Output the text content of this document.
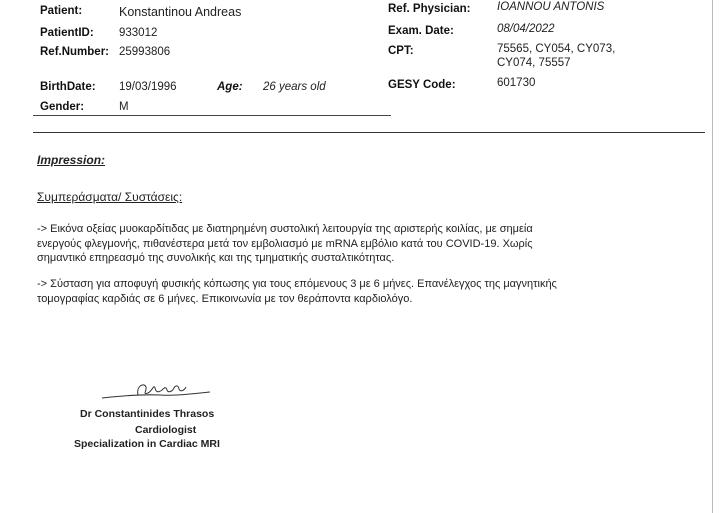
Patient:	Konstantinou Andreas
PatientID: 933012
Ref.Number: 25993806
BirthDate: 19/03/1996	Age: 26 years old
Gender:	M
Ref. Physician: IOANNOU ANTONIS
Exam. Date:	08/04/2022
CPT:	75565, CY054, CY073,
CY074, 75557
GESY Code:	601730
Impression:
Συμπεράσματα/ Συστάσεις:
-> Εικόνα οξείας μυοκαρδίτιδας με διατηρημένη συστολική λειτουργία της αριστερής κοιλίας, με σημεία
ενεργούς φλεγμονής, πιθανέστερα μετά τον εμβολιασμό με mRNA εμβόλιο κατά του COVID-19. Χωρίς
σημαντικό επηρεασμό της συνολικής και της τμηματικής συσταλτικότητας.
-> Σύσταση για αποφυγή φυσικής κόπωσης για τους επόμενους 3 με 6 μήνες. Επανέλεγχος της μαγνητικής
τομογραφίας καρδιάς σε 6 μήνες. Επικοινωνία με τον θεράποντα καρδιολόγο.
Dr Constantinides Thrasos
Cardiologist
Specialization in Cardiac MRI
